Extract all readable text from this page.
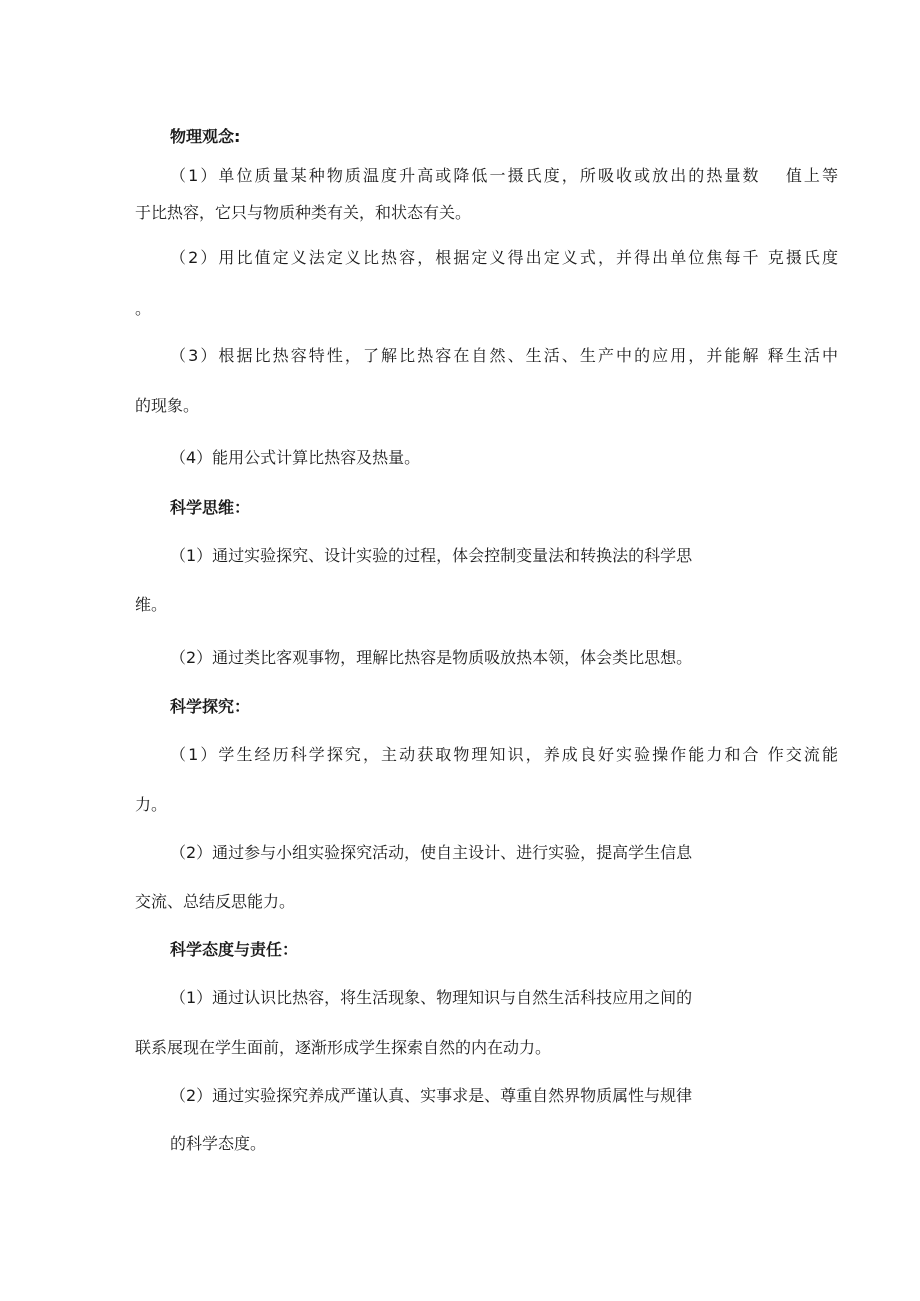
物理观念:
（1）单位质量某种物质温度升高或降低一摄氏度，所吸收或放出的热量数　 值上等
于比热容，它只与物质种类有关，和状态有关。
（2）用比值定义法定义比热容，根据定义得出定义式，并得出单位焦每千 克摄氏度
。
（3）根据比热容特性，了解比热容在自然、生活、生产中的应用，并能解 释生活中
的现象。
（4）能用公式计算比热容及热量。
科学思维：
（1）通过实验探究、设计实验的过程，体会控制变量法和转换法的科学思
维。
（2）通过类比客观事物，理解比热容是物质吸放热本领，体会类比思想。
科学探究：
（1）学生经历科学探究，主动获取物理知识，养成良好实验操作能力和合 作交流能
力。
（2）通过参与小组实验探究活动，使自主设计、进行实验，提高学生信息
交流、总结反思能力。
科学态度与责任：
（1）通过认识比热容，将生活现象、物理知识与自然生活科技应用之间的
联系展现在学生面前，逐渐形成学生探索自然的内在动力。
（2）通过实验探究养成严谨认真、实事求是、尊重自然界物质属性与规律
的科学态度。
